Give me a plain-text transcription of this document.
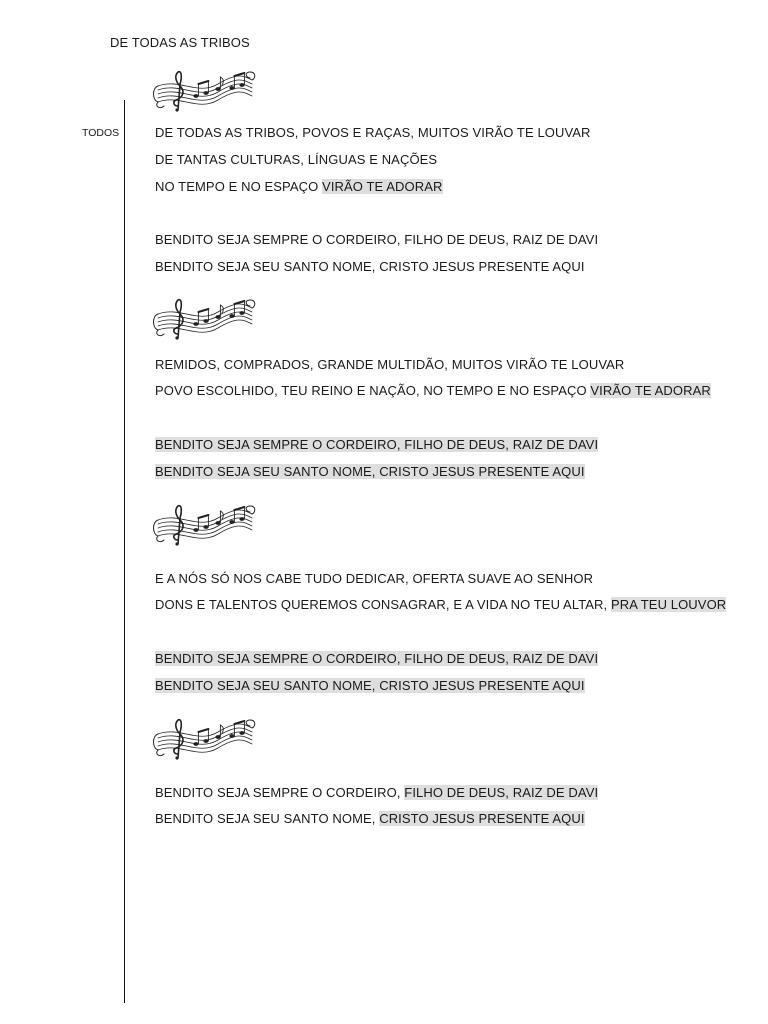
DE TODAS AS TRIBOS
TODOS	DE TODAS AS TRIBOS, POVOS E RAÇAS, MUITOS VIRÃO TE LOUVAR
DE TANTAS CULTURAS, LÍNGUAS E NAÇÕES
NO TEMPO E NO ESPAÇO VIRÃO TE ADORAR
BENDITO SEJA SEMPRE O CORDEIRO, FILHO DE DEUS, RAIZ DE DAVI
BENDITO SEJA SEU SANTO NOME, CRISTO JESUS PRESENTE AQUI
REMIDOS, COMPRADOS, GRANDE MULTIDÃO, MUITOS VIRÃO TE LOUVAR
POVO ESCOLHIDO, TEU REINO E NAÇÃO, NO TEMPO E NO ESPAÇO VIRÃO TE ADORAR
BENDITO SEJA SEMPRE O CORDEIRO, FILHO DE DEUS, RAIZ DE DAVI
BENDITO SEJA SEU SANTO NOME, CRISTO JESUS PRESENTE AQUI
E A NÓS SÓ NOS CABE TUDO DEDICAR, OFERTA SUAVE AO SENHOR
DONS E TALENTOS QUEREMOS CONSAGRAR, E A VIDA NO TEU ALTAR, PRA TEU LOUVOR
BENDITO SEJA SEMPRE O CORDEIRO, FILHO DE DEUS, RAIZ DE DAVI
BENDITO SEJA SEU SANTO NOME, CRISTO JESUS PRESENTE AQUI
BENDITO SEJA SEMPRE O CORDEIRO, FILHO DE DEUS, RAIZ DE DAVI
BENDITO SEJA SEU SANTO NOME, CRISTO JESUS PRESENTE AQUI
